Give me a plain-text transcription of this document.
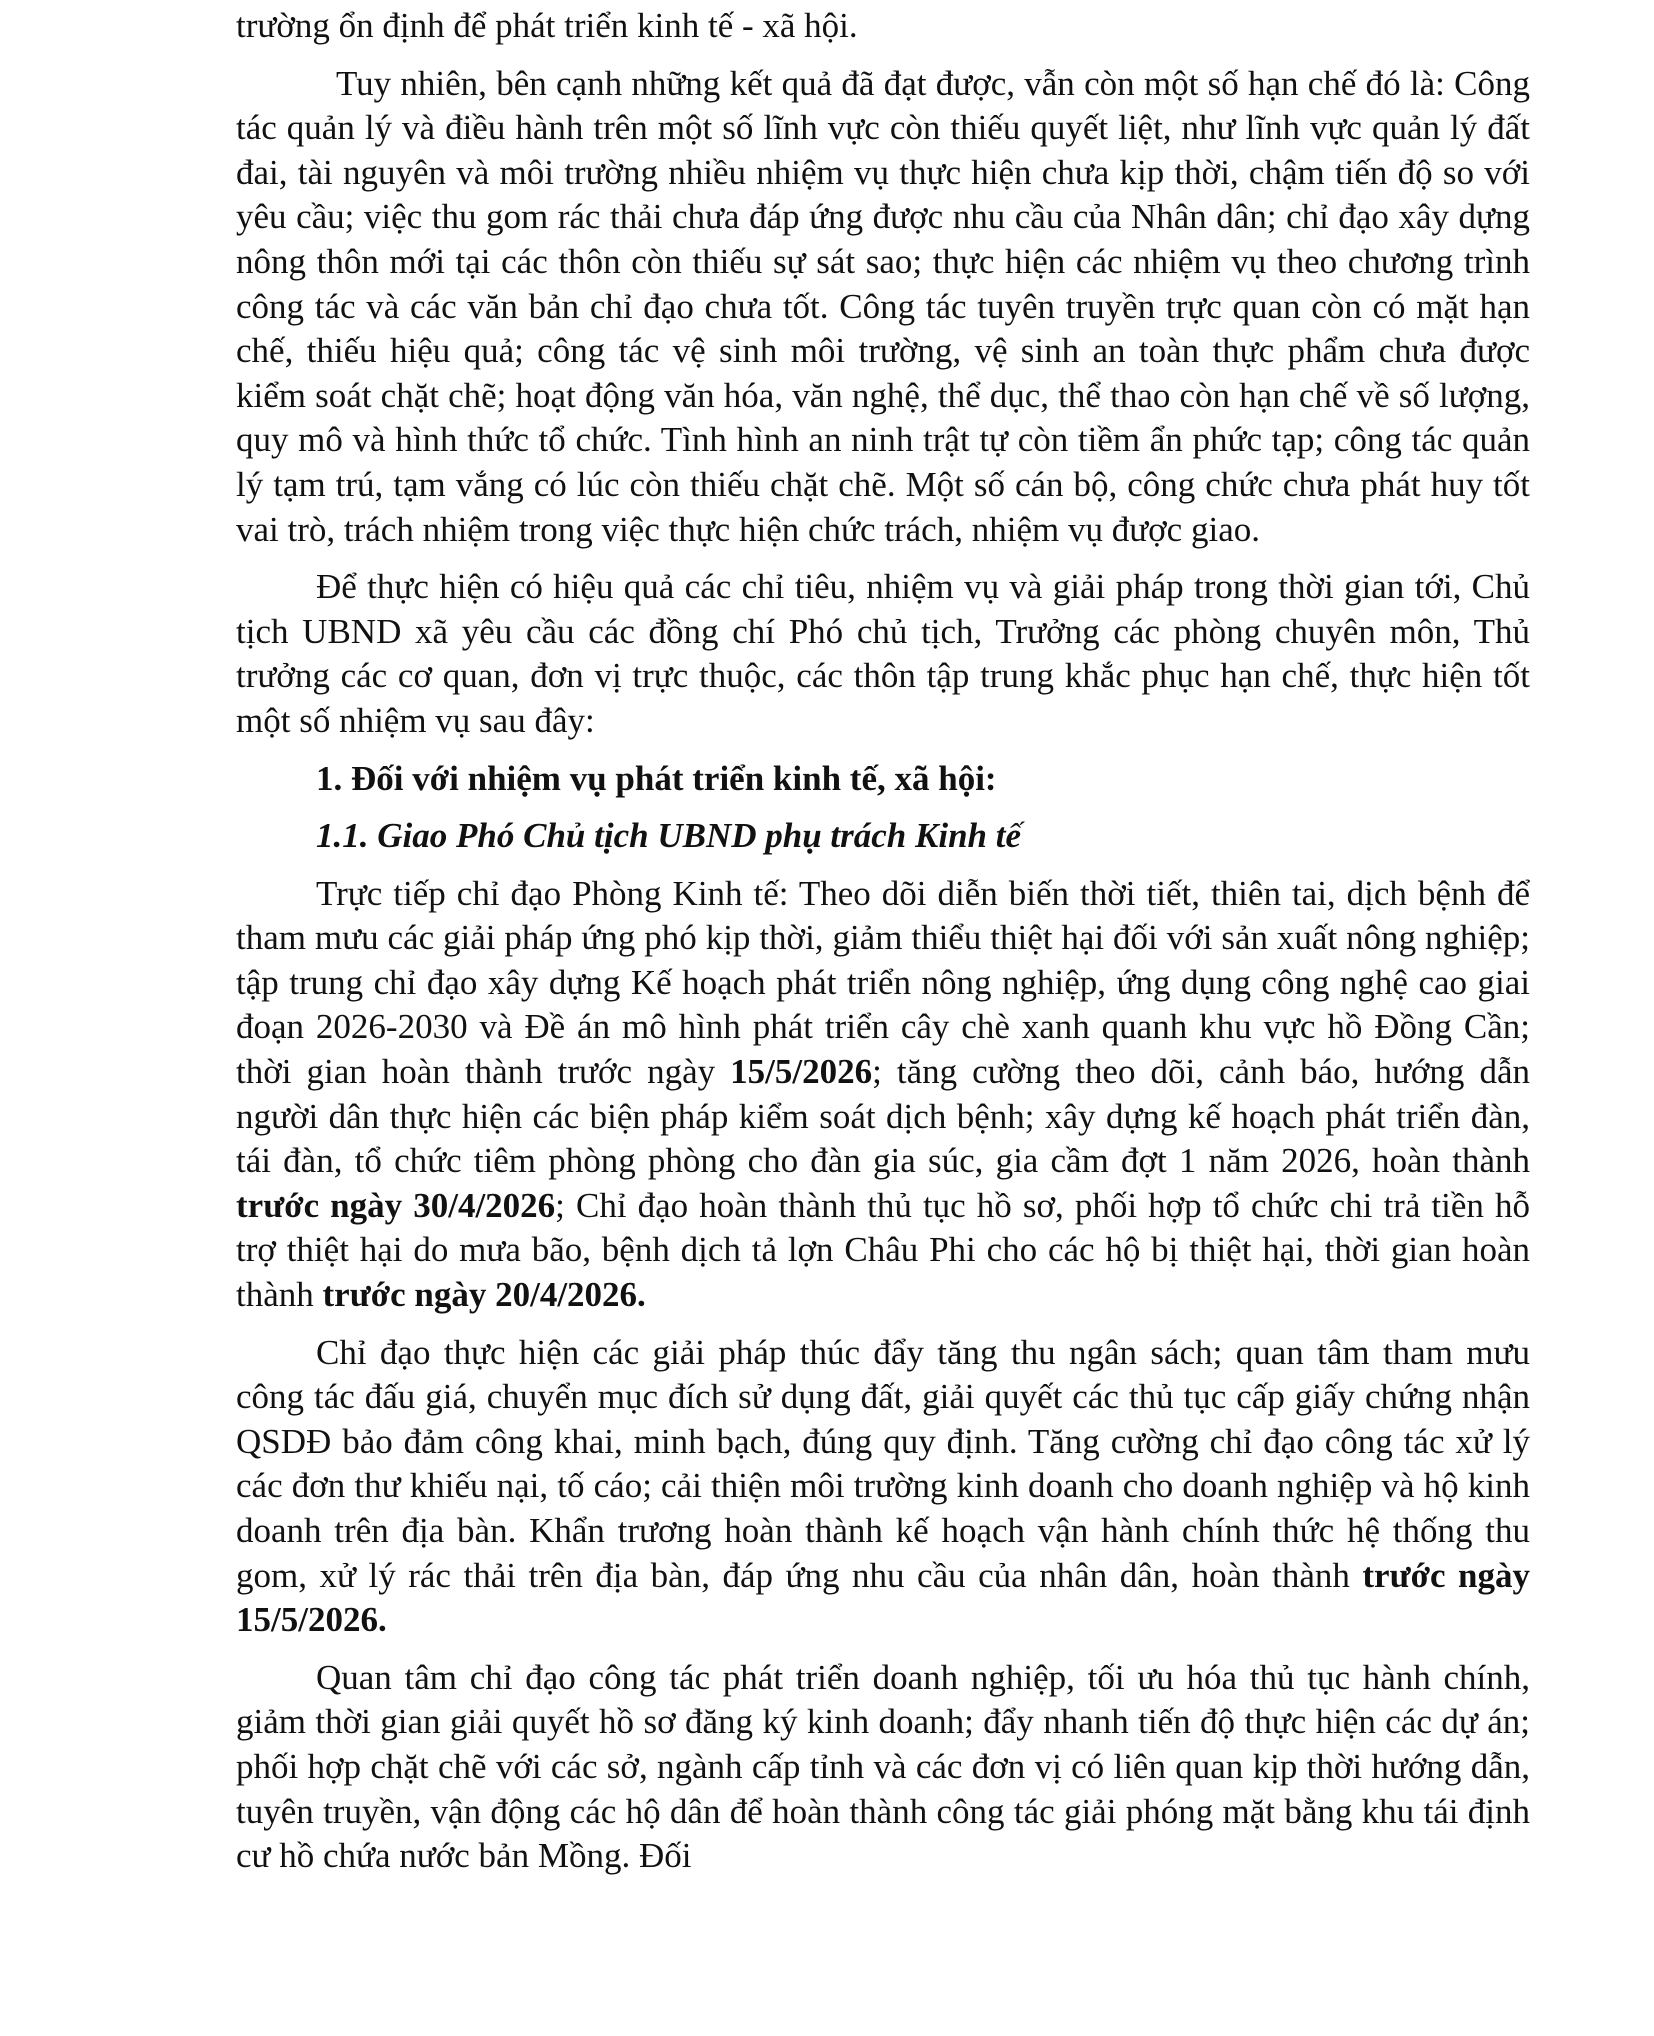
trường ổn định để phát triển kinh tế - xã hội.

Tuy nhiên, bên cạnh những kết quả đã đạt được, vẫn còn một số hạn chế đó là: Công tác quản lý và điều hành trên một số lĩnh vực còn thiếu quyết liệt, như lĩnh vực quản lý đất đai, tài nguyên và môi trường nhiều nhiệm vụ thực hiện chưa kịp thời, chậm tiến độ so với yêu cầu; việc thu gom rác thải chưa đáp ứng được nhu cầu của Nhân dân; chỉ đạo xây dựng nông thôn mới tại các thôn còn thiếu sự sát sao; thực hiện các nhiệm vụ theo chương trình công tác và các văn bản chỉ đạo chưa tốt. Công tác tuyên truyền trực quan còn có mặt hạn chế, thiếu hiệu quả; công tác vệ sinh môi trường, vệ sinh an toàn thực phẩm chưa được kiểm soát chặt chẽ; hoạt động văn hóa, văn nghệ, thể dục, thể thao còn hạn chế về số lượng, quy mô và hình thức tổ chức. Tình hình an ninh trật tự còn tiềm ẩn phức tạp; công tác quản lý tạm trú, tạm vắng có lúc còn thiếu chặt chẽ. Một số cán bộ, công chức chưa phát huy tốt vai trò, trách nhiệm trong việc thực hiện chức trách, nhiệm vụ được giao.

Để thực hiện có hiệu quả các chỉ tiêu, nhiệm vụ và giải pháp trong thời gian tới, Chủ tịch UBND xã yêu cầu các đồng chí Phó chủ tịch, Trưởng các phòng chuyên môn, Thủ trưởng các cơ quan, đơn vị trực thuộc, các thôn tập trung khắc phục hạn chế, thực hiện tốt một số nhiệm vụ sau đây:

1. Đối với nhiệm vụ phát triển kinh tế, xã hội:
1.1. Giao Phó Chủ tịch UBND phụ trách Kinh tế

Trực tiếp chỉ đạo Phòng Kinh tế: Theo dõi diễn biến thời tiết, thiên tai, dịch bệnh để tham mưu các giải pháp ứng phó kịp thời, giảm thiểu thiệt hại đối với sản xuất nông nghiệp; tập trung chỉ đạo xây dựng Kế hoạch phát triển nông nghiệp, ứng dụng công nghệ cao giai đoạn 2026-2030 và Đề án mô hình phát triển cây chè xanh quanh khu vực hồ Đồng Cần; thời gian hoàn thành trước ngày 15/5/2026; tăng cường theo dõi, cảnh báo, hướng dẫn người dân thực hiện các biện pháp kiểm soát dịch bệnh; xây dựng kế hoạch phát triển đàn, tái đàn, tổ chức tiêm phòng phòng cho đàn gia súc, gia cầm đợt 1 năm 2026, hoàn thành trước ngày 30/4/2026; Chỉ đạo hoàn thành thủ tục hồ sơ, phối hợp tổ chức chi trả tiền hỗ trợ thiệt hại do mưa bão, bệnh dịch tả lợn Châu Phi cho các hộ bị thiệt hại, thời gian hoàn thành trước ngày 20/4/2026.

Chỉ đạo thực hiện các giải pháp thúc đẩy tăng thu ngân sách; quan tâm tham mưu công tác đấu giá, chuyển mục đích sử dụng đất, giải quyết các thủ tục cấp giấy chứng nhận QSDĐ bảo đảm công khai, minh bạch, đúng quy định. Tăng cường chỉ đạo công tác xử lý các đơn thư khiếu nại, tố cáo; cải thiện môi trường kinh doanh cho doanh nghiệp và hộ kinh doanh trên địa bàn. Khẩn trương hoàn thành kế hoạch vận hành chính thức hệ thống thu gom, xử lý rác thải trên địa bàn, đáp ứng nhu cầu của nhân dân, hoàn thành trước ngày 15/5/2026.

Quan tâm chỉ đạo công tác phát triển doanh nghiệp, tối ưu hóa thủ tục hành chính, giảm thời gian giải quyết hồ sơ đăng ký kinh doanh; đẩy nhanh tiến độ thực hiện các dự án; phối hợp chặt chẽ với các sở, ngành cấp tỉnh và các đơn vị có liên quan kịp thời hướng dẫn, tuyên truyền, vận động các hộ dân để hoàn thành công tác giải phóng mặt bằng khu tái định cư hồ chứa nước bản Mồng. Đối
